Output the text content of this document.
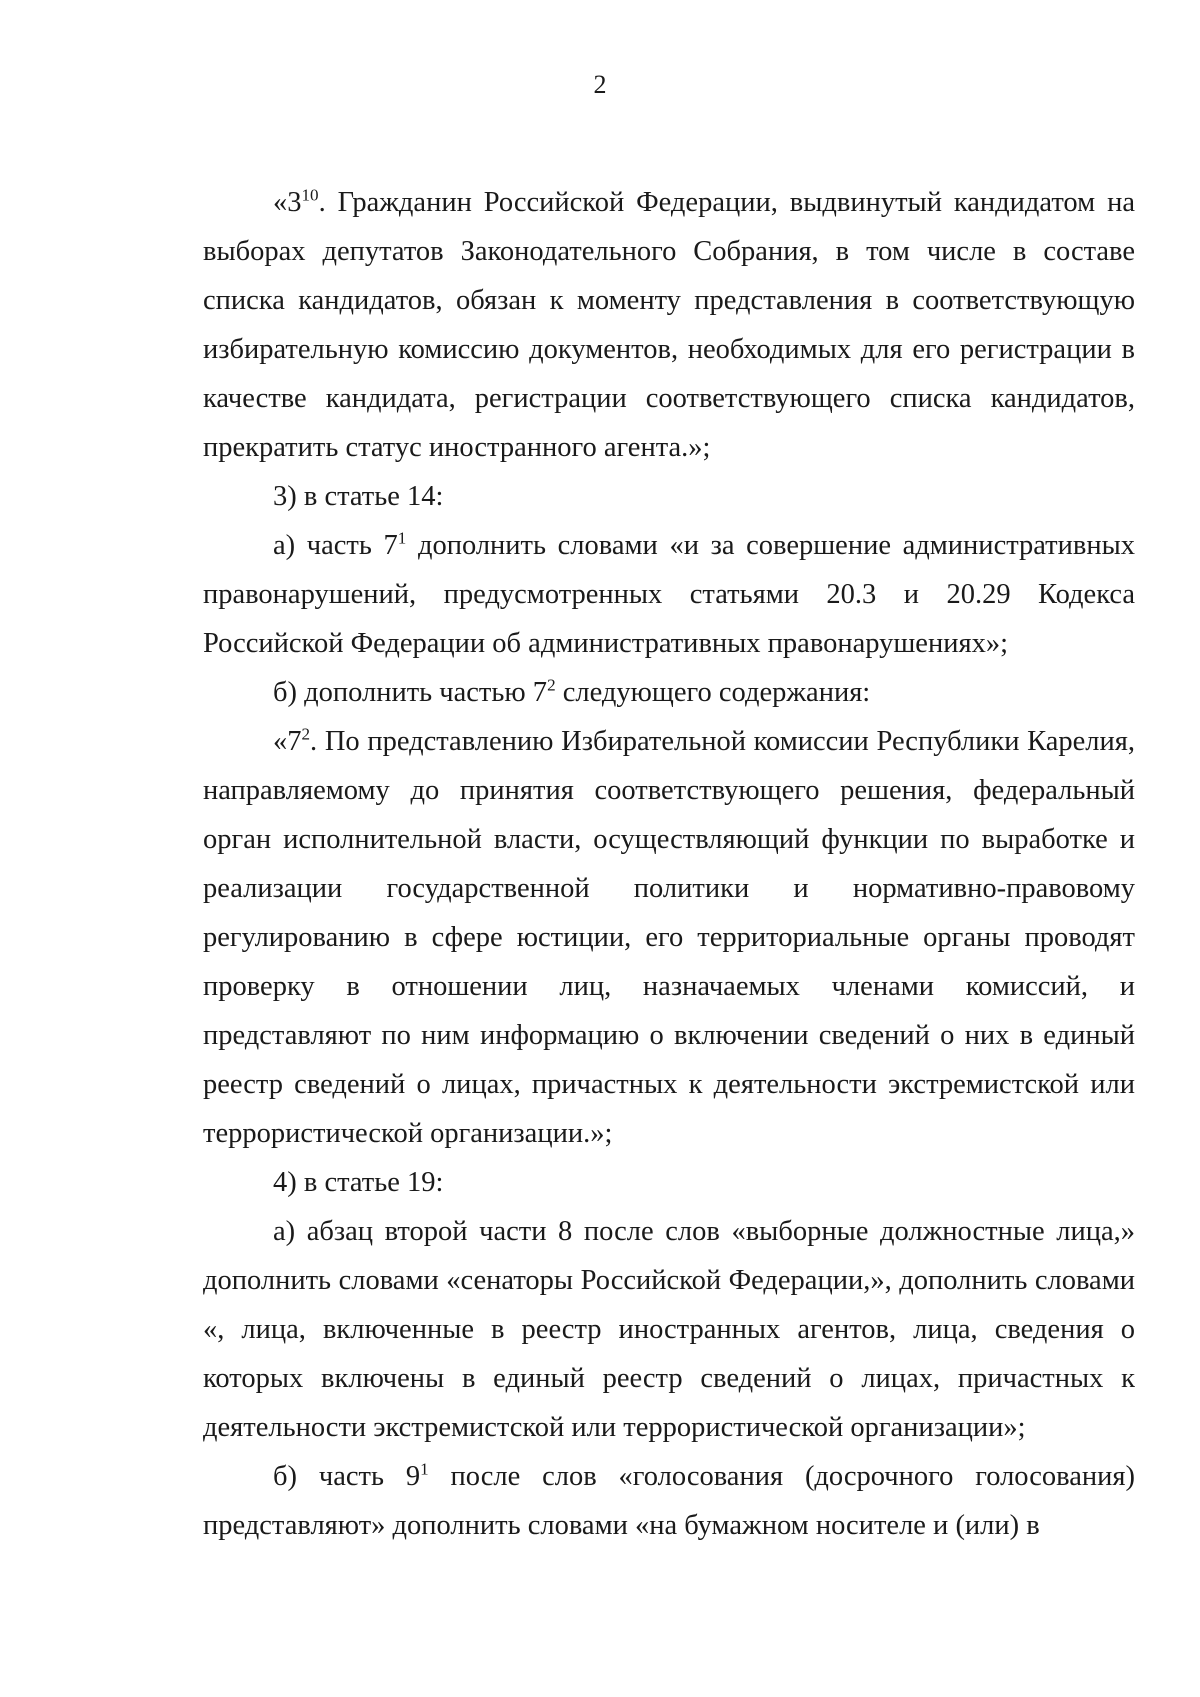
2

«$3^{10}$. Гражданин Российской Федерации, выдвинутый кандидатом на выборах депутатов Законодательного Собрания, в том числе в составе списка кандидатов, обязан к моменту представления в соответствующую избирательную комиссию документов, необходимых для его регистрации в качестве кандидата, регистрации соответствующего списка кандидатов, прекратить статус иностранного агента.»;

3) в статье 14:

а) часть $7^1$ дополнить словами «и за совершение административных правонарушений, предусмотренных статьями 20.3 и 20.29 Кодекса Российской Федерации об административных правонарушениях»;

б) дополнить частью $7^2$ следующего содержания:

«$7^2$. По представлению Избирательной комиссии Республики Карелия, направляемому до принятия соответствующего решения, федеральный орган исполнительной власти, осуществляющий функции по выработке и реализации государственной политики и нормативно-правовому регулированию в сфере юстиции, его территориальные органы проводят проверку в отношении лиц, назначаемых членами комиссий, и представляют по ним информацию о включении сведений о них в единый реестр сведений о лицах, причастных к деятельности экстремистской или террористической организации.»;

4) в статье 19:

а) абзац второй части 8 после слов «выборные должностные лица,» дополнить словами «сенаторы Российской Федерации,», дополнить словами «, лица, включенные в реестр иностранных агентов, лица, сведения о которых включены в единый реестр сведений о лицах, причастных к деятельности экстремистской или террористической организации»;

б) часть $9^1$ после слов «голосования (досрочного голосования) представляют» дополнить словами «на бумажном носителе и (или) в
